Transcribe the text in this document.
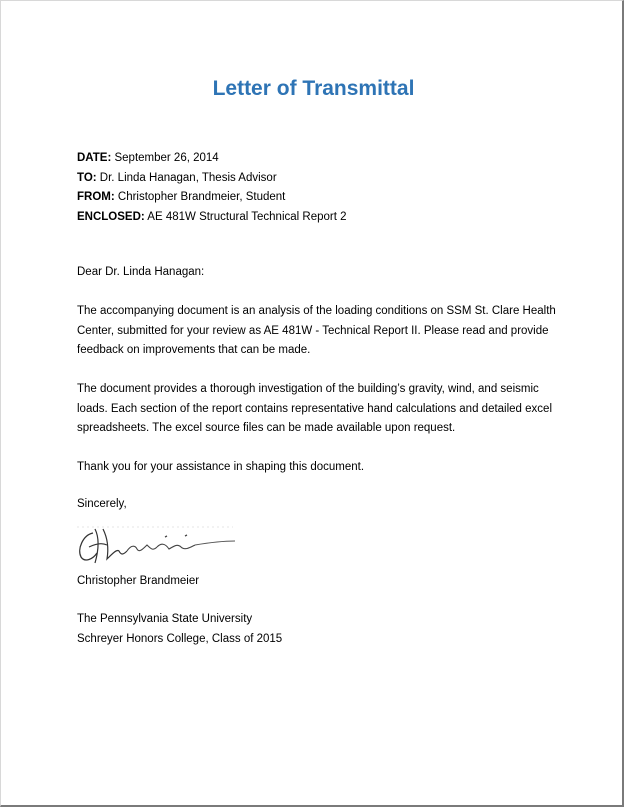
Letter of Transmittal
DATE: September 26, 2014
TO: Dr. Linda Hanagan, Thesis Advisor
FROM: Christopher Brandmeier, Student
ENCLOSED: AE 481W Structural Technical Report 2

Dear Dr. Linda Hanagan:

The accompanying document is an analysis of the loading conditions on SSM St. Clare Health Center, submitted for your review as AE 481W - Technical Report II. Please read and provide feedback on improvements that can be made.

The document provides a thorough investigation of the building’s gravity, wind, and seismic loads. Each section of the report contains representative hand calculations and detailed excel spreadsheets. The excel source files can be made available upon request.

Thank you for your assistance in shaping this document.

Sincerely,
Christopher Brandmeier
The Pennsylvania State University
Schreyer Honors College, Class of 2015
